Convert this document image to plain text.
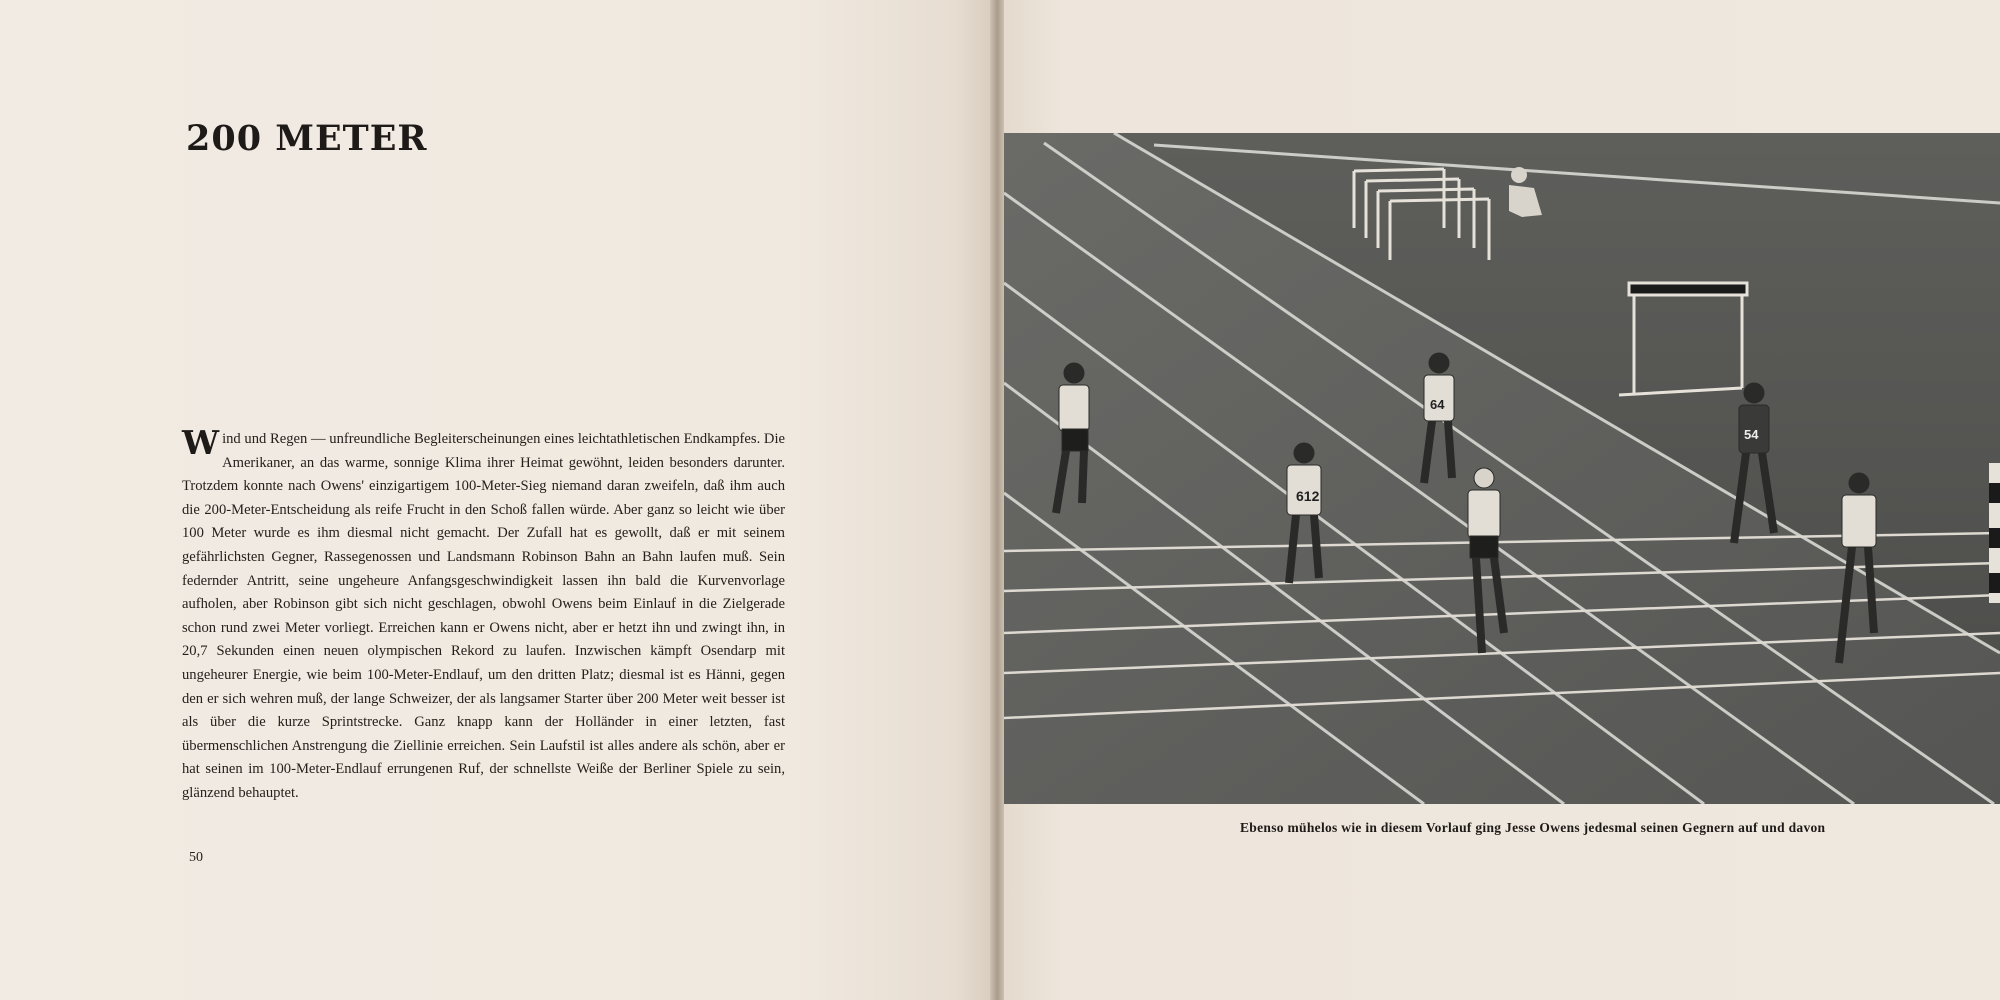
200 METER

Wind und Regen — unfreundliche Begleiterscheinungen eines leichtathletischen Endkampfes. Die Amerikaner, an das warme, sonnige Klima ihrer Heimat gewöhnt, leiden besonders darunter. Trotzdem konnte nach Owens' einzigartigem 100-Meter-Sieg niemand daran zweifeln, daß ihm auch die 200-Meter-Entscheidung als reife Frucht in den Schoß fallen würde. Aber ganz so leicht wie über 100 Meter wurde es ihm diesmal nicht gemacht. Der Zufall hat es gewollt, daß er mit seinem gefährlichsten Gegner, Rassegenossen und Landsmann Robinson Bahn an Bahn laufen muß. Sein federnder Antritt, seine ungeheure Anfangsgeschwindigkeit lassen ihn bald die Kurvenvorlage aufholen, aber Robinson gibt sich nicht geschlagen, obwohl Owens beim Einlauf in die Zielgerade schon rund zwei Meter vorliegt. Erreichen kann er Owens nicht, aber er hetzt ihn und zwingt ihn, in 20,7 Sekunden einen neuen olympischen Rekord zu laufen. Inzwischen kämpft Osendarp mit ungeheurer Energie, wie beim 100-Meter-Endlauf, um den dritten Platz; diesmal ist es Hänni, gegen den er sich wehren muß, der lange Schweizer, der als langsamer Starter über 200 Meter weit besser ist als über die kurze Sprintstrecke. Ganz knapp kann der Holländer in einer letzten, fast übermenschlichen Anstrengung die Ziellinie erreichen. Sein Laufstil ist alles andere als schön, aber er hat seinen im 100-Meter-Endlauf errungenen Ruf, der schnellste Weiße der Berliner Spiele zu sein, glänzend behauptet.

50
612
64
54
Ebenso mühelos wie in diesem Vorlauf ging Jesse Owens jedesmal seinen Gegnern auf und davon
